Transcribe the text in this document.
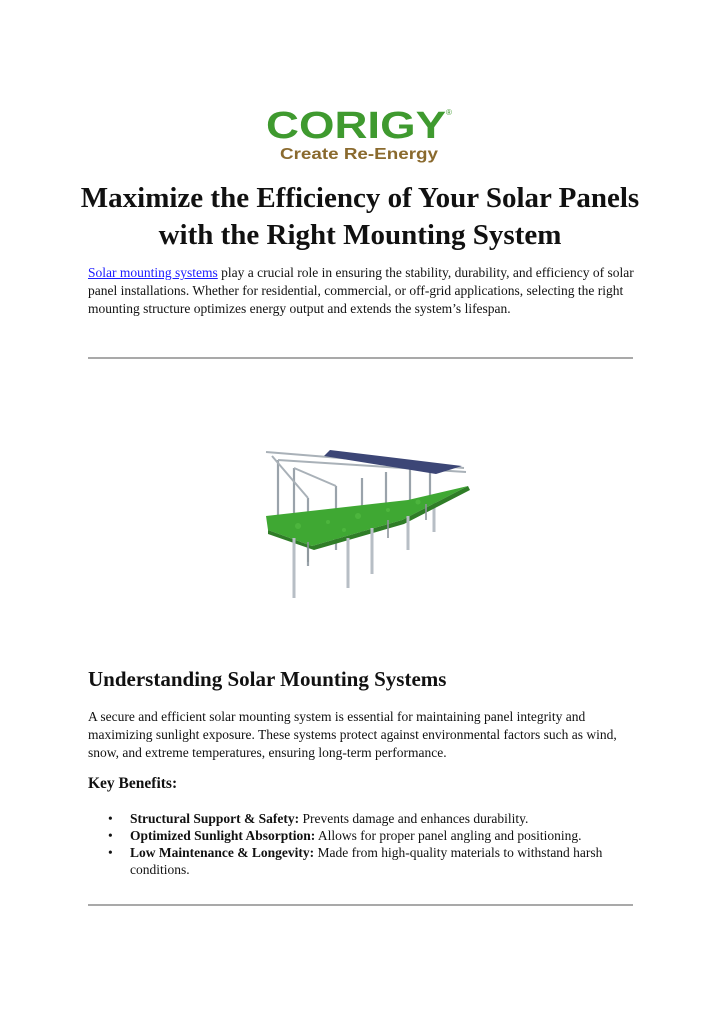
CORIGY ®
Create Re-Energy
Maximize the Efficiency of Your Solar Panels with the Right Mounting System

Solar mounting systems play a crucial role in ensuring the stability, durability, and efficiency of solar panel installations. Whether for residential, commercial, or off-grid applications, selecting the right mounting structure optimizes energy output and extends the system’s lifespan.

Understanding Solar Mounting Systems

A secure and efficient solar mounting system is essential for maintaining panel integrity and maximizing sunlight exposure. These systems protect against environmental factors such as wind, snow, and extreme temperatures, ensuring long-term performance.

Key Benefits:
• Structural Support & Safety: Prevents damage and enhances durability.
• Optimized Sunlight Absorption: Allows for proper panel angling and positioning.
• Low Maintenance & Longevity: Made from high-quality materials to withstand harsh conditions.
